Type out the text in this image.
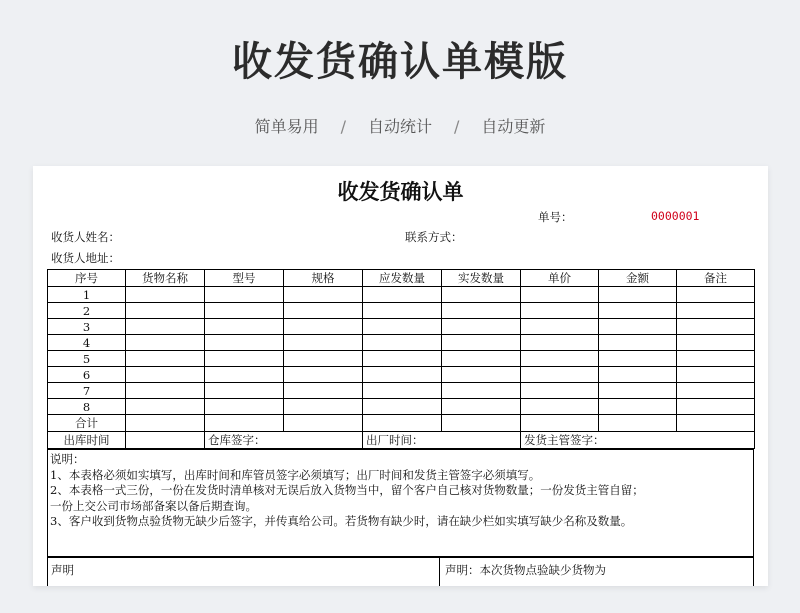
收发货确认单模版
简单易用 / 自动统计 / 自动更新
收发货确认单
单号：	0000001
收货人姓名：	联系方式：
收货人地址：
序号	货物名称	型号	规格	应发数量	实发数量	单价	金额	备注
1								
2								
3								
4								
5								
6								
7								
8								
合计								
出库时间		仓库签字：		出厂时间：		发货主管签字：		
说明：
1、本表格必须如实填写，出库时间和库管员签字必须填写；出厂时间和发货主管签字必须填写。
2、本表格一式三份，一份在发货时清单核对无误后放入货物当中，留个客户自己核对货物数量；一份发货主管自留；
一份上交公司市场部备案以备后期查询。
3、客户收到货物点验货物无缺少后签字，并传真给公司。若货物有缺少时，请在缺少栏如实填写缺少名称及数量。
声明	声明：本次货物点验缺少货物为
